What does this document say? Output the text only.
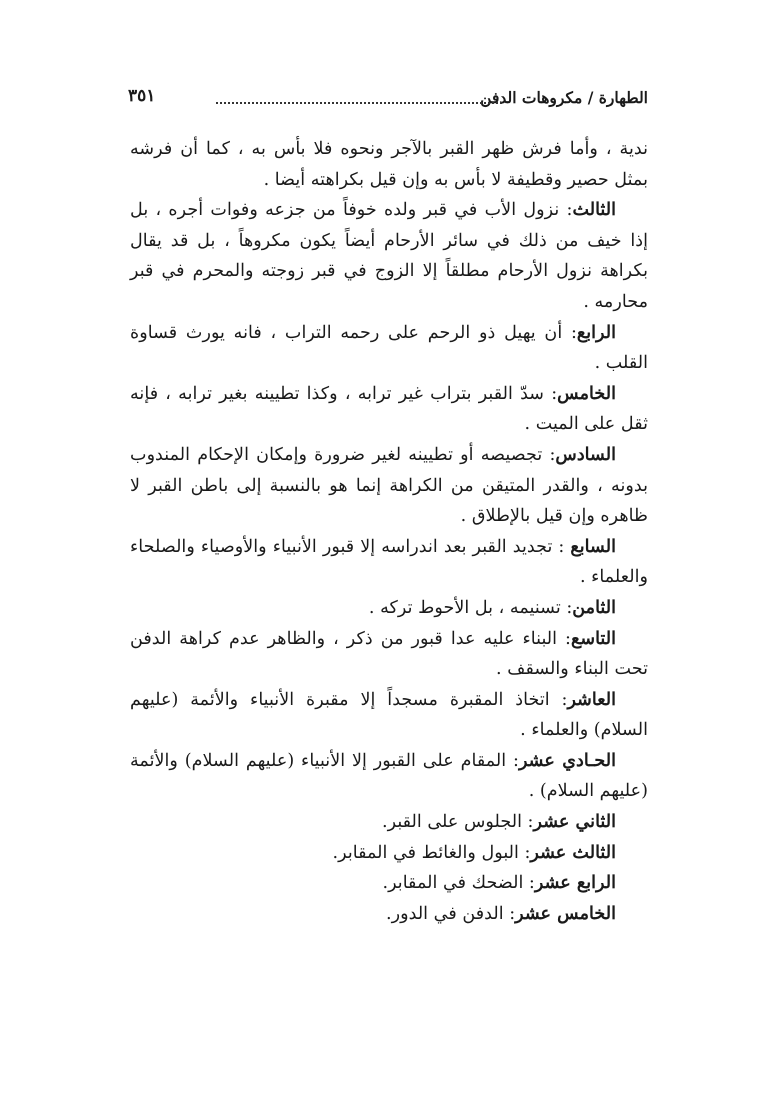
الطهارة / مكروهات الدفن
٣٥١

ندية ، وأما فرش ظهر القبر بالآجر ونحوه فلا بأس به ، كما أن فرشه بمثل حصير وقطيفة لا بأس به وإن قيل بكراهته أيضا .

الثالث: نزول الأب في قبر ولده خوفاً من جزعه وفوات أجره ، بل إذا خيف من ذلك في سائر الأرحام أيضاً يكون مكروهاً ، بل قد يقال بكراهة نزول الأرحام مطلقاً إلا الزوج في قبر زوجته والمحرم في قبر محارمه .

الرابع: أن يهيل ذو الرحم على رحمه التراب ، فانه يورث قساوة القلب .

الخامس: سدّ القبر بتراب غير ترابه ، وكذا تطيينه بغير ترابه ، فإنه ثقل على الميت .

السادس: تجصيصه أو تطيينه لغير ضرورة وإمكان الإحكام المندوب بدونه ، والقدر المتيقن من الكراهة إنما هو بالنسبة إلى باطن القبر لا ظاهره وإن قيل بالإطلاق .

السابع : تجديد القبر بعد اندراسه إلا قبور الأنبياء والأوصياء والصلحاء والعلماء .

الثامن: تسنيمه ، بل الأحوط تركه .

التاسع: البناء عليه عدا قبور من ذكر ، والظاهر عدم كراهة الدفن تحت البناء والسقف .

العاشر: اتخاذ المقبرة مسجداً إلا مقبرة الأنبياء والأئمة (عليهم السلام) والعلماء .

الحـادي عشر: المقام على القبور إلا الأنبياء (عليهم السلام) والأئمة (عليهم السلام) .

الثاني عشر: الجلوس على القبر.

الثالث عشر: البول والغائط في المقابر.

الرابع عشر: الضحك في المقابر.

الخامس عشر: الدفن في الدور.
